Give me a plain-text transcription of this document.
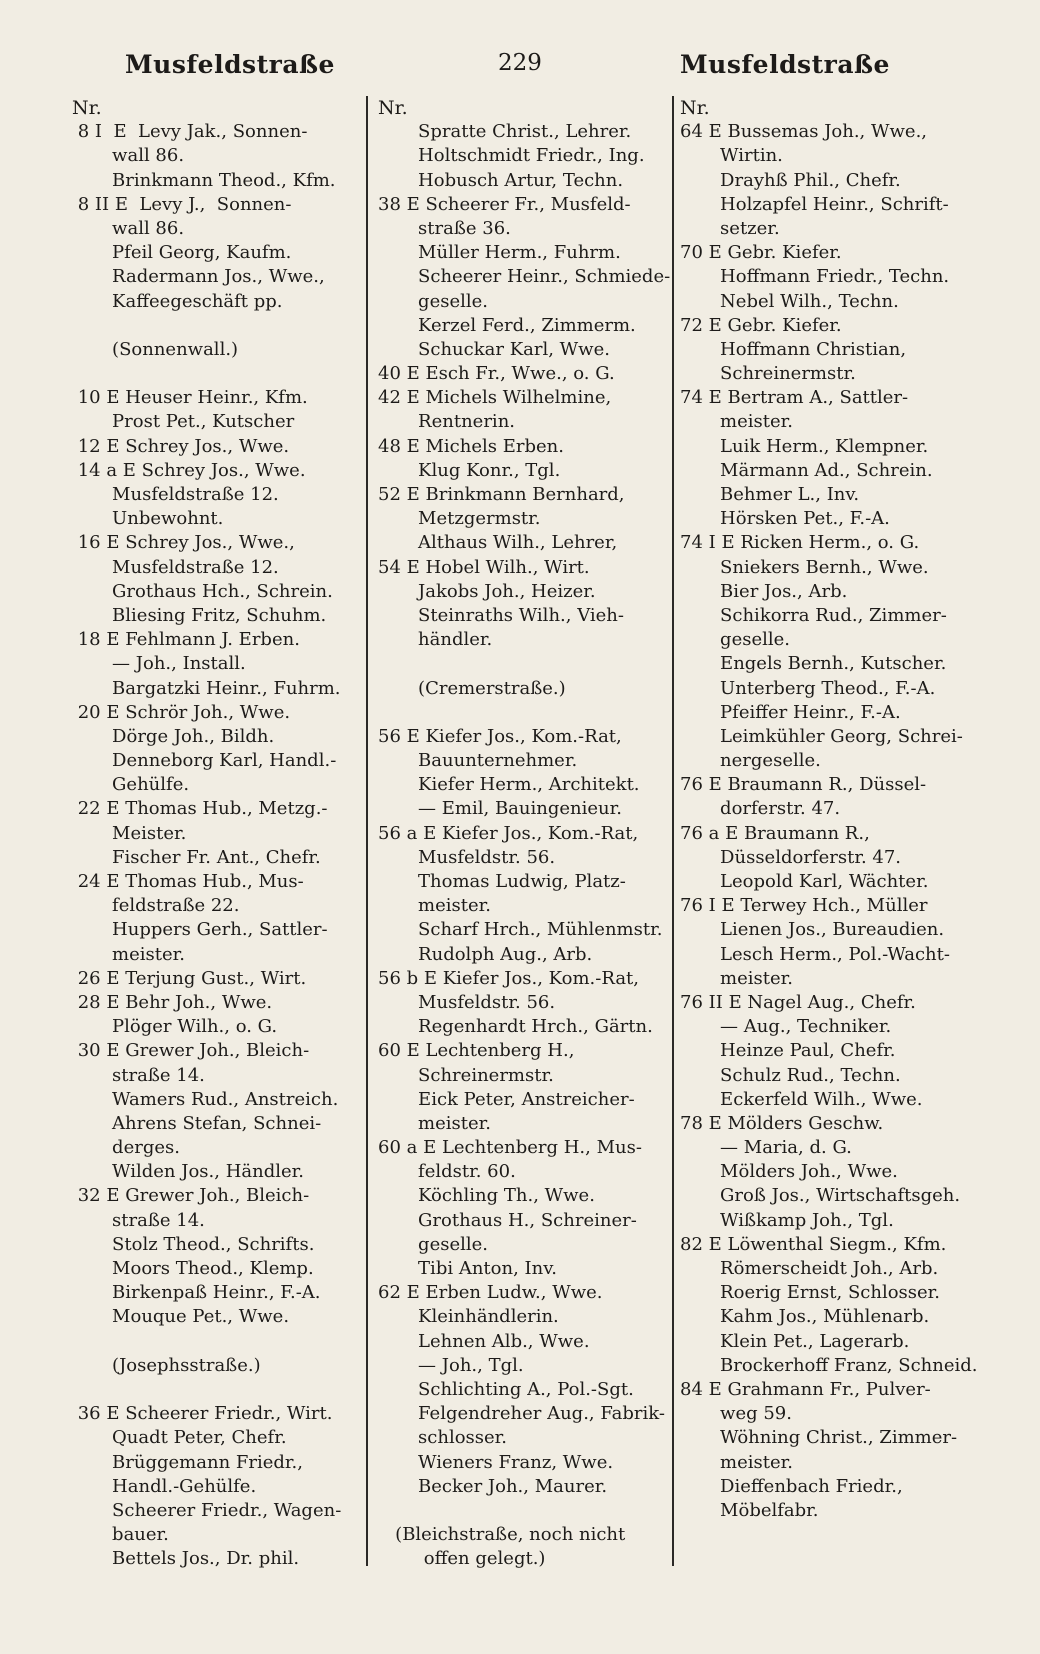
Musfeldstraße	229	Musfeldstraße
Nr.
8 I  E  Levy Jak., Sonnen-
wall 86.
Brinkmann Theod., Kfm.
8 II E  Levy J.,  Sonnen-
wall 86.
Pfeil Georg, Kaufm.
Radermann Jos., Wwe.,
Kaffeegeschäft pp.
(Sonnenwall.)
10 E Heuser Heinr., Kfm.
Prost Pet., Kutscher
12 E Schrey Jos., Wwe.
14 a E Schrey Jos., Wwe.
Musfeldstraße 12.
Unbewohnt.
16 E Schrey Jos., Wwe.,
Musfeldstraße 12.
Grothaus Hch., Schrein.
Bliesing Fritz, Schuhm.
18 E Fehlmann J. Erben.
— Joh., Install.
Bargatzki Heinr., Fuhrm.
20 E Schrör Joh., Wwe.
Dörge Joh., Bildh.
Denneborg Karl, Handl.-
Gehülfe.
22 E Thomas Hub., Metzg.-
Meister.
Fischer Fr. Ant., Chefr.
24 E Thomas Hub., Mus-
feldstraße 22.
Huppers Gerh., Sattler-
meister.
26 E Terjung Gust., Wirt.
28 E Behr Joh., Wwe.
Plöger Wilh., o. G.
30 E Grewer Joh., Bleich-
straße 14.
Wamers Rud., Anstreich.
Ahrens Stefan, Schnei-
derges.
Wilden Jos., Händler.
32 E Grewer Joh., Bleich-
straße 14.
Stolz Theod., Schrifts.
Moors Theod., Klemp.
Birkenpaß Heinr., F.-A.
Mouque Pet., Wwe.
(Josephsstraße.)
36 E Scheerer Friedr., Wirt.
Quadt Peter, Chefr.
Brüggemann Friedr.,
Handl.-Gehülfe.
Scheerer Friedr., Wagen-
bauer.
Bettels Jos., Dr. phil.
Nr.
Spratte Christ., Lehrer.
Holtschmidt Friedr., Ing.
Hobusch Artur, Techn.
38 E Scheerer Fr., Musfeld-
straße 36.
Müller Herm., Fuhrm.
Scheerer Heinr., Schmiede-
geselle.
Kerzel Ferd., Zimmerm.
Schuckar Karl, Wwe.
40 E Esch Fr., Wwe., o. G.
42 E Michels Wilhelmine,
Rentnerin.
48 E Michels Erben.
Klug Konr., Tgl.
52 E Brinkmann Bernhard,
Metzgermstr.
Althaus Wilh., Lehrer,
54 E Hobel Wilh., Wirt.
Jakobs Joh., Heizer.
Steinraths Wilh., Vieh-
händler.
(Cremerstraße.)
56 E Kiefer Jos., Kom.-Rat,
Bauunternehmer.
Kiefer Herm., Architekt.
— Emil, Bauingenieur.
56 a E Kiefer Jos., Kom.-Rat,
Musfeldstr. 56.
Thomas Ludwig, Platz-
meister.
Scharf Hrch., Mühlenmstr.
Rudolph Aug., Arb.
56 b E Kiefer Jos., Kom.-Rat,
Musfeldstr. 56.
Regenhardt Hrch., Gärtn.
60 E Lechtenberg H.,
Schreinermstr.
Eick Peter, Anstreicher-
meister.
60 a E Lechtenberg H., Mus-
feldstr. 60.
Köchling Th., Wwe.
Grothaus H., Schreiner-
geselle.
Tibi Anton, Inv.
62 E Erben Ludw., Wwe.
Kleinhändlerin.
Lehnen Alb., Wwe.
— Joh., Tgl.
Schlichting A., Pol.-Sgt.
Felgendreher Aug., Fabrik-
schlosser.
Wieners Franz, Wwe.
Becker Joh., Maurer.
(Bleichstraße, noch nicht
offen gelegt.)
Nr.
64 E Bussemas Joh., Wwe.,
Wirtin.
Drayhß Phil., Chefr.
Holzapfel Heinr., Schrift-
setzer.
70 E Gebr. Kiefer.
Hoffmann Friedr., Techn.
Nebel Wilh., Techn.
72 E Gebr. Kiefer.
Hoffmann Christian,
Schreinermstr.
74 E Bertram A., Sattler-
meister.
Luik Herm., Klempner.
Märmann Ad., Schrein.
Behmer L., Inv.
Hörsken Pet., F.-A.
74 I E Ricken Herm., o. G.
Sniekers Bernh., Wwe.
Bier Jos., Arb.
Schikorra Rud., Zimmer-
geselle.
Engels Bernh., Kutscher.
Unterberg Theod., F.-A.
Pfeiffer Heinr., F.-A.
Leimkühler Georg, Schrei-
nergeselle.
76 E Braumann R., Düssel-
dorferstr. 47.
76 a E Braumann R.,
Düsseldorferstr. 47.
Leopold Karl, Wächter.
76 I E Terwey Hch., Müller
Lienen Jos., Bureaudien.
Lesch Herm., Pol.-Wacht-
meister.
76 II E Nagel Aug., Chefr.
— Aug., Techniker.
Heinze Paul, Chefr.
Schulz Rud., Techn.
Eckerfeld Wilh., Wwe.
78 E Mölders Geschw.
— Maria, d. G.
Mölders Joh., Wwe.
Groß Jos., Wirtschaftsgeh.
Wißkamp Joh., Tgl.
82 E Löwenthal Siegm., Kfm.
Römerscheidt Joh., Arb.
Roerig Ernst, Schlosser.
Kahm Jos., Mühlenarb.
Klein Pet., Lagerarb.
Brockerhoff Franz, Schneid.
84 E Grahmann Fr., Pulver-
weg 59.
Wöhning Christ., Zimmer-
meister.
Dieffenbach Friedr.,
Möbelfabr.
